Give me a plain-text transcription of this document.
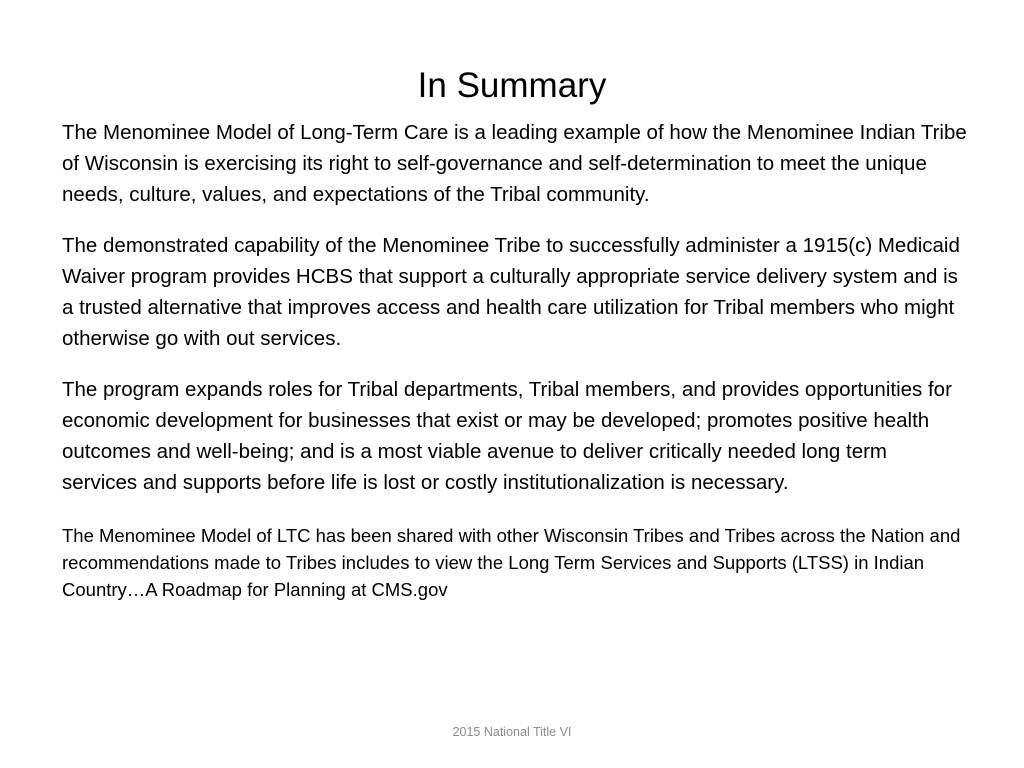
In Summary

The Menominee Model of Long-Term Care is a leading example of how the Menominee Indian Tribe of Wisconsin is exercising its right to self-governance and self-determination to meet the unique needs, culture, values, and expectations of the Tribal community.

The demonstrated capability of the Menominee Tribe to successfully administer a 1915(c) Medicaid Waiver program provides HCBS that support a culturally appropriate service delivery system and is a trusted alternative that improves access and health care utilization for Tribal members who might otherwise go with out services.

The program expands roles for Tribal departments, Tribal members, and provides opportunities for economic development for businesses that exist or may be developed; promotes positive health outcomes and well-being; and is a most viable avenue to deliver critically needed long term services and supports before life is lost or costly institutionalization is necessary.

The Menominee Model of LTC has been shared with other Wisconsin Tribes and Tribes across the Nation and recommendations made to Tribes includes to view the Long Term Services and Supports (LTSS) in Indian Country…A Roadmap for Planning at CMS.gov

2015 National Title VI
